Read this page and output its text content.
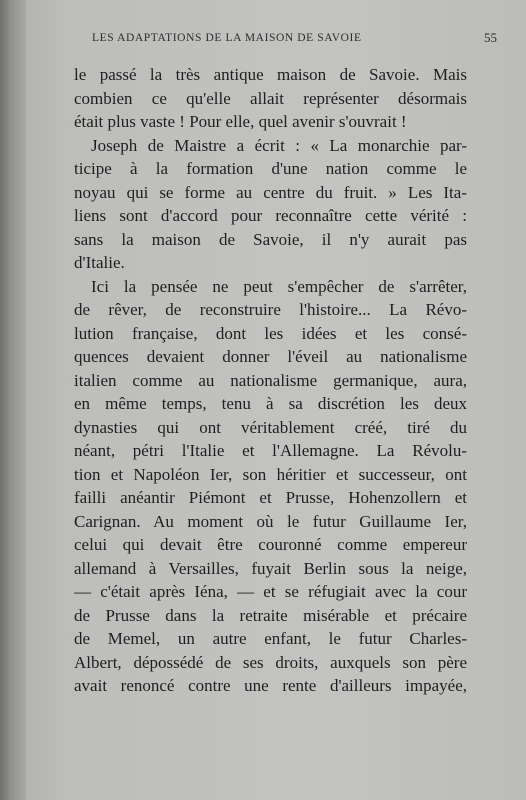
LES ADAPTATIONS DE LA MAISON DE SAVOIE	55
le passé la très antique maison de Savoie. Mais
combien ce qu'elle allait représenter désormais
était plus vaste ! Pour elle, quel avenir s'ouvrait !
Joseph de Maistre a écrit : « La monarchie par-
ticipe à la formation d'une nation comme le
noyau qui se forme au centre du fruit. » Les Ita-
liens sont d'accord pour reconnaître cette vérité :
sans la maison de Savoie, il n'y aurait pas
d'Italie.
Ici la pensée ne peut s'empêcher de s'arrêter,
de rêver, de reconstruire l'histoire... La Révo-
lution française, dont les idées et les consé-
quences devaient donner l'éveil au nationalisme
italien comme au nationalisme germanique, aura,
en même temps, tenu à sa discrétion les deux
dynasties qui ont véritablement créé, tiré du
néant, pétri l'Italie et l'Allemagne. La Révolu-
tion et Napoléon Ier, son héritier et successeur, ont
failli anéantir Piémont et Prusse, Hohenzollern et
Carignan. Au moment où le futur Guillaume Ier,
celui qui devait être couronné comme empereur
allemand à Versailles, fuyait Berlin sous la neige,
— c'était après Iéna, — et se réfugiait avec la cour
de Prusse dans la retraite misérable et précaire
de Memel, un autre enfant, le futur Charles-
Albert, dépossédé de ses droits, auxquels son père
avait renoncé contre une rente d'ailleurs impayée,
